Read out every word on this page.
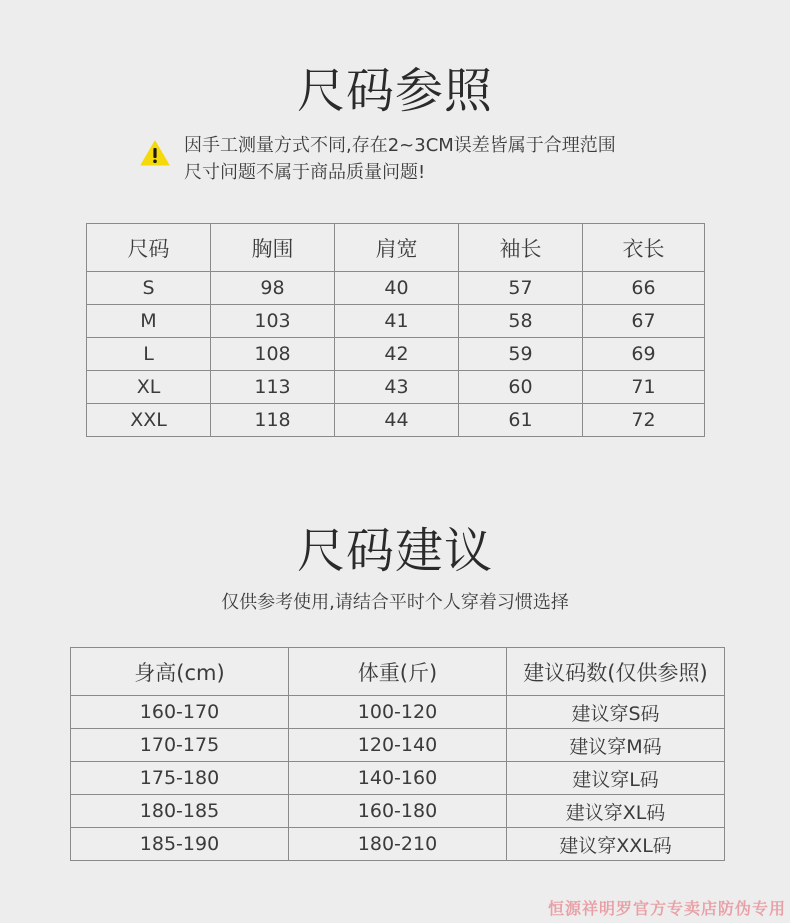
尺码参照
因手工测量方式不同,存在2~3CM误差皆属于合理范围
尺寸问题不属于商品质量问题!
尺码	胸围	肩宽	袖长	衣长
S	98	40	57	66
M	103	41	58	67
L	108	42	59	69
XL	113	43	60	71
XXL	118	44	61	72
尺码建议
仅供参考使用,请结合平时个人穿着习惯选择
身高(cm)	体重(斤)	建议码数(仅供参照)
160-170	100-120	建议穿S码
170-175	120-140	建议穿M码
175-180	140-160	建议穿L码
180-185	160-180	建议穿XL码
185-190	180-210	建议穿XXL码
恒源祥明罗官方专卖店防伪专用
